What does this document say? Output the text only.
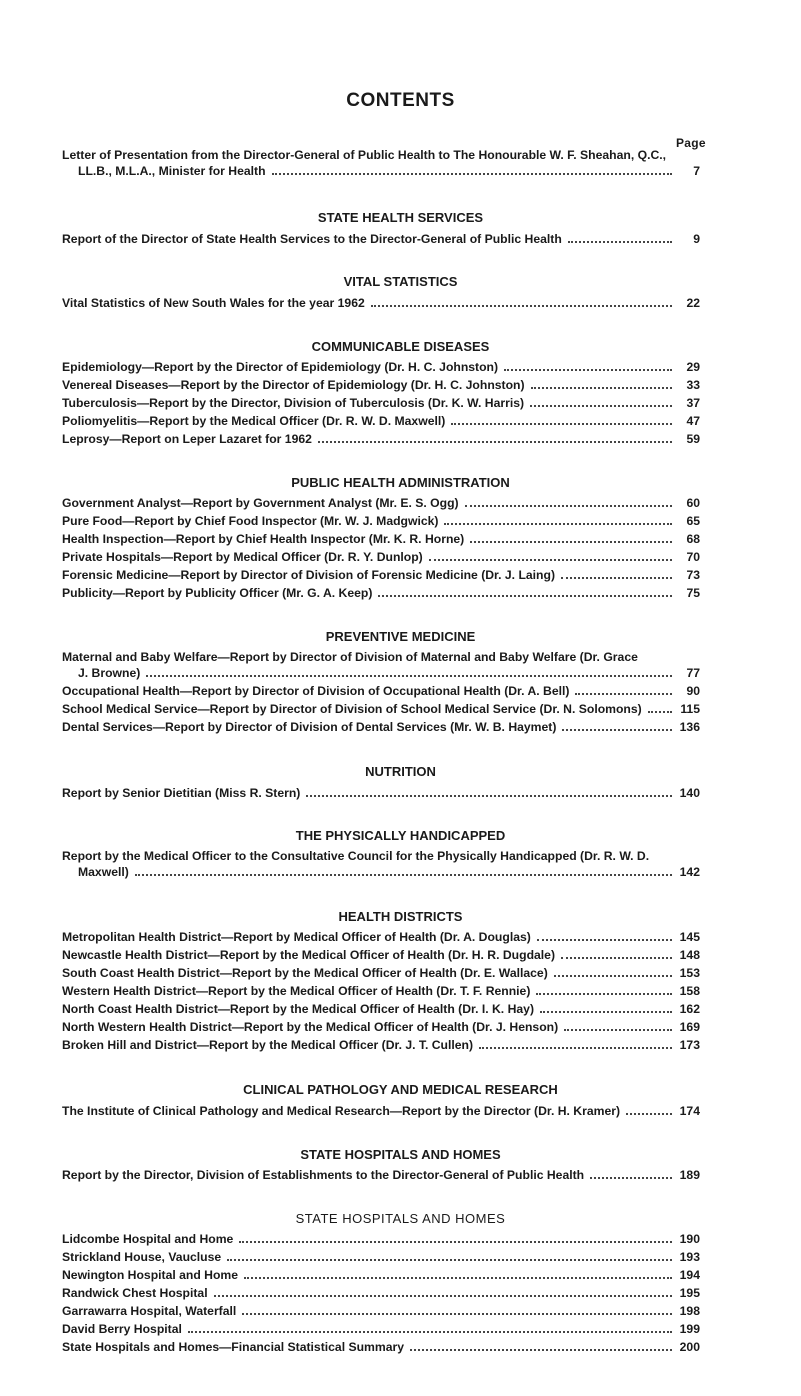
CONTENTS
Page
Letter of Presentation from the Director-General of Public Health to The Honourable W. F. Sheahan, Q.C.,
LL.B., M.L.A., Minister for Health	7
STATE HEALTH SERVICES
Report of the Director of State Health Services to the Director-General of Public Health	9
VITAL STATISTICS
Vital Statistics of New South Wales for the year 1962	22
COMMUNICABLE DISEASES
Epidemiology—Report by the Director of Epidemiology (Dr. H. C. Johnston)	29
Venereal Diseases—Report by the Director of Epidemiology (Dr. H. C. Johnston)	33
Tuberculosis—Report by the Director, Division of Tuberculosis (Dr. K. W. Harris)	37
Poliomyelitis—Report by the Medical Officer (Dr. R. W. D. Maxwell)	47
Leprosy—Report on Leper Lazaret for 1962	59
PUBLIC HEALTH ADMINISTRATION
Government Analyst—Report by Government Analyst (Mr. E. S. Ogg)	60
Pure Food—Report by Chief Food Inspector (Mr. W. J. Madgwick)	65
Health Inspection—Report by Chief Health Inspector (Mr. K. R. Horne)	68
Private Hospitals—Report by Medical Officer (Dr. R. Y. Dunlop)	70
Forensic Medicine—Report by Director of Division of Forensic Medicine (Dr. J. Laing)	73
Publicity—Report by Publicity Officer (Mr. G. A. Keep)	75
PREVENTIVE MEDICINE
Maternal and Baby Welfare—Report by Director of Division of Maternal and Baby Welfare (Dr. Grace
J. Browne)	77
Occupational Health—Report by Director of Division of Occupational Health (Dr. A. Bell)	90
School Medical Service—Report by Director of Division of School Medical Service (Dr. N. Solomons)	115
Dental Services—Report by Director of Division of Dental Services (Mr. W. B. Haymet)	136
NUTRITION
Report by Senior Dietitian (Miss R. Stern)	140
THE PHYSICALLY HANDICAPPED
Report by the Medical Officer to the Consultative Council for the Physically Handicapped (Dr. R. W. D.
Maxwell)	142
HEALTH DISTRICTS
Metropolitan Health District—Report by Medical Officer of Health (Dr. A. Douglas)	145
Newcastle Health District—Report by the Medical Officer of Health (Dr. H. R. Dugdale)	148
South Coast Health District—Report by the Medical Officer of Health (Dr. E. Wallace)	153
Western Health District—Report by the Medical Officer of Health (Dr. T. F. Rennie)	158
North Coast Health District—Report by the Medical Officer of Health (Dr. I. K. Hay)	162
North Western Health District—Report by the Medical Officer of Health (Dr. J. Henson)	169
Broken Hill and District—Report by the Medical Officer (Dr. J. T. Cullen)	173
CLINICAL PATHOLOGY AND MEDICAL RESEARCH
The Institute of Clinical Pathology and Medical Research—Report by the Director (Dr. H. Kramer)	174
STATE HOSPITALS AND HOMES
Report by the Director, Division of Establishments to the Director-General of Public Health	189
STATE HOSPITALS AND HOMES
Lidcombe Hospital and Home	190
Strickland House, Vaucluse	193
Newington Hospital and Home	194
Randwick Chest Hospital	195
Garrawarra Hospital, Waterfall	198
David Berry Hospital	199
State Hospitals and Homes—Financial Statistical Summary	200
